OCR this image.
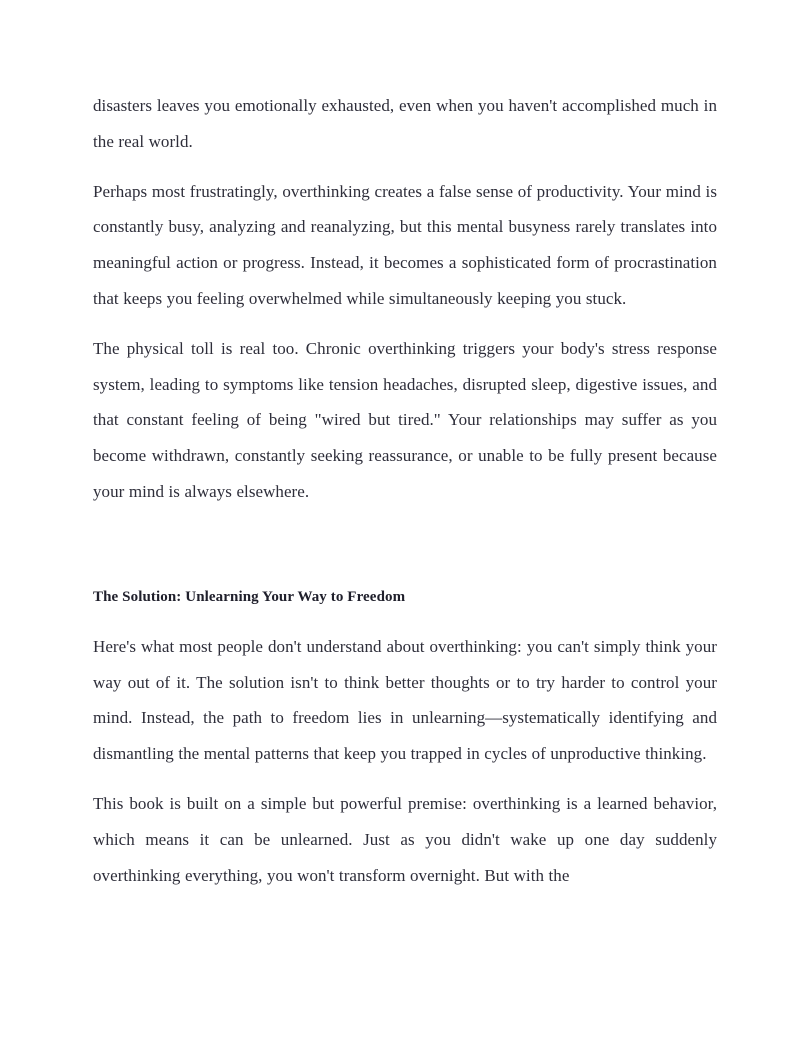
disasters leaves you emotionally exhausted, even when you haven't accomplished much in the real world.

Perhaps most frustratingly, overthinking creates a false sense of productivity. Your mind is constantly busy, analyzing and reanalyzing, but this mental busyness rarely translates into meaningful action or progress. Instead, it becomes a sophisticated form of procrastination that keeps you feeling overwhelmed while simultaneously keeping you stuck.

The physical toll is real too. Chronic overthinking triggers your body's stress response system, leading to symptoms like tension headaches, disrupted sleep, digestive issues, and that constant feeling of being "wired but tired." Your relationships may suffer as you become withdrawn, constantly seeking reassurance, or unable to be fully present because your mind is always elsewhere.

The Solution: Unlearning Your Way to Freedom

Here's what most people don't understand about overthinking: you can't simply think your way out of it. The solution isn't to think better thoughts or to try harder to control your mind. Instead, the path to freedom lies in unlearning—systematically identifying and dismantling the mental patterns that keep you trapped in cycles of unproductive thinking.

This book is built on a simple but powerful premise: overthinking is a learned behavior, which means it can be unlearned. Just as you didn't wake up one day suddenly overthinking everything, you won't transform overnight. But with the
